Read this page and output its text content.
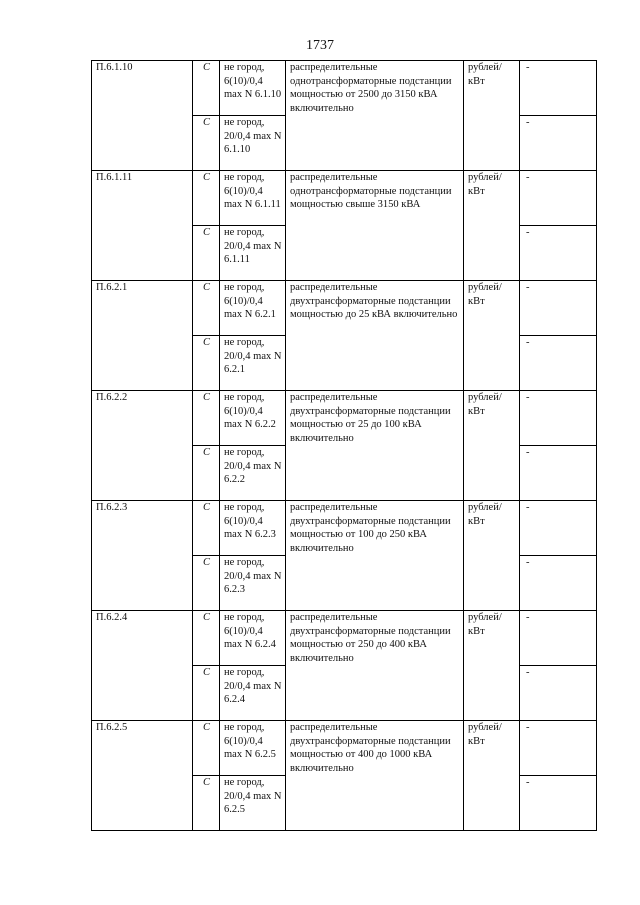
1737
П.6.1.10	С	не город, 6(10)/0,4 max N 6.1.10	распределительные однотрансформаторные подстанции мощностью от 2500 до 3150 кВА включительно	рублей/ кВт	-
	С	не город, 20/0,4 max N 6.1.10			-
П.6.1.11	С	не город, 6(10)/0,4 max N 6.1.11	распределительные однотрансформаторные подстанции мощностью свыше 3150 кВА	рублей/ кВт	-
	С	не город, 20/0,4 max N 6.1.11			-
П.6.2.1	С	не город, 6(10)/0,4 max N 6.2.1	распределительные двухтрансформаторные подстанции мощностью до 25 кВА включительно	рублей/ кВт	-
	С	не город, 20/0,4 max N 6.2.1			-
П.6.2.2	С	не город, 6(10)/0,4 max N 6.2.2	распределительные двухтрансформаторные подстанции мощностью от 25 до 100 кВА включительно	рублей/ кВт	-
	С	не город, 20/0,4 max N 6.2.2			-
П.6.2.3	С	не город, 6(10)/0,4 max N 6.2.3	распределительные двухтрансформаторные подстанции мощностью от 100 до 250 кВА включительно	рублей/ кВт	-
	С	не город, 20/0,4 max N 6.2.3			-
П.6.2.4	С	не город, 6(10)/0,4 max N 6.2.4	распределительные двухтрансформаторные подстанции мощностью от 250 до 400 кВА включительно	рублей/ кВт	-
	С	не город, 20/0,4 max N 6.2.4			-
П.6.2.5	С	не город, 6(10)/0,4 max N 6.2.5	распределительные двухтрансформаторные подстанции мощностью от 400 до 1000 кВА включительно	рублей/ кВт	-
	С	не город, 20/0,4 max N 6.2.5			-
